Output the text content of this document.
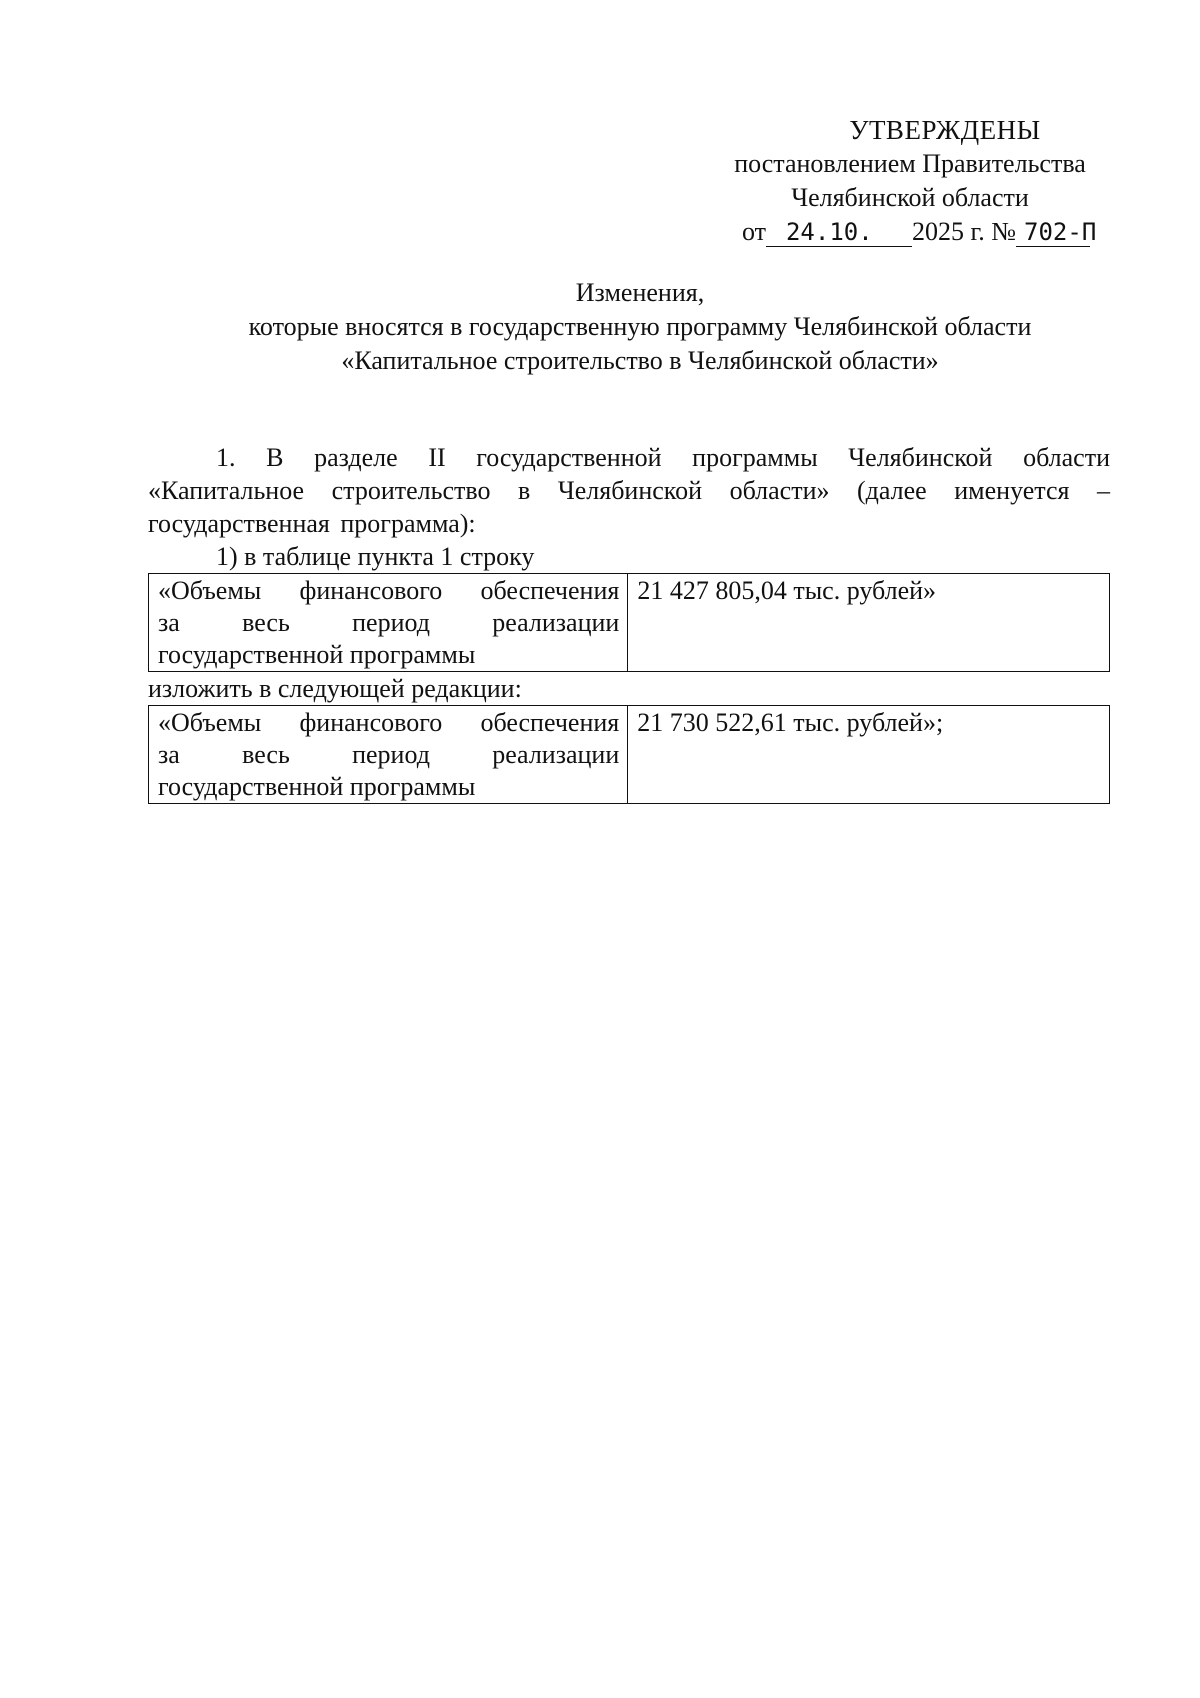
УТВЕРЖДЕНЫ
постановлением Правительства
Челябинской области
от 24.10.	2025 г. № 702-П
Изменения,
которые вносятся в государственную программу Челябинской области
«Капитальное строительство в Челябинской области»

1. В разделе II государственной программы Челябинской области «Капитальное строительство в Челябинской области» (далее именуется – государственная программа):

1) в таблице пункта 1 строку

«Объемы финансового обеспечения
за весь период реализации
государственной программы
	21 427 805,04 тыс. рублей»

изложить в следующей редакции:

«Объемы финансового обеспечения
за весь период реализации
государственной программы
	21 730 522,61 тыс. рублей»;
